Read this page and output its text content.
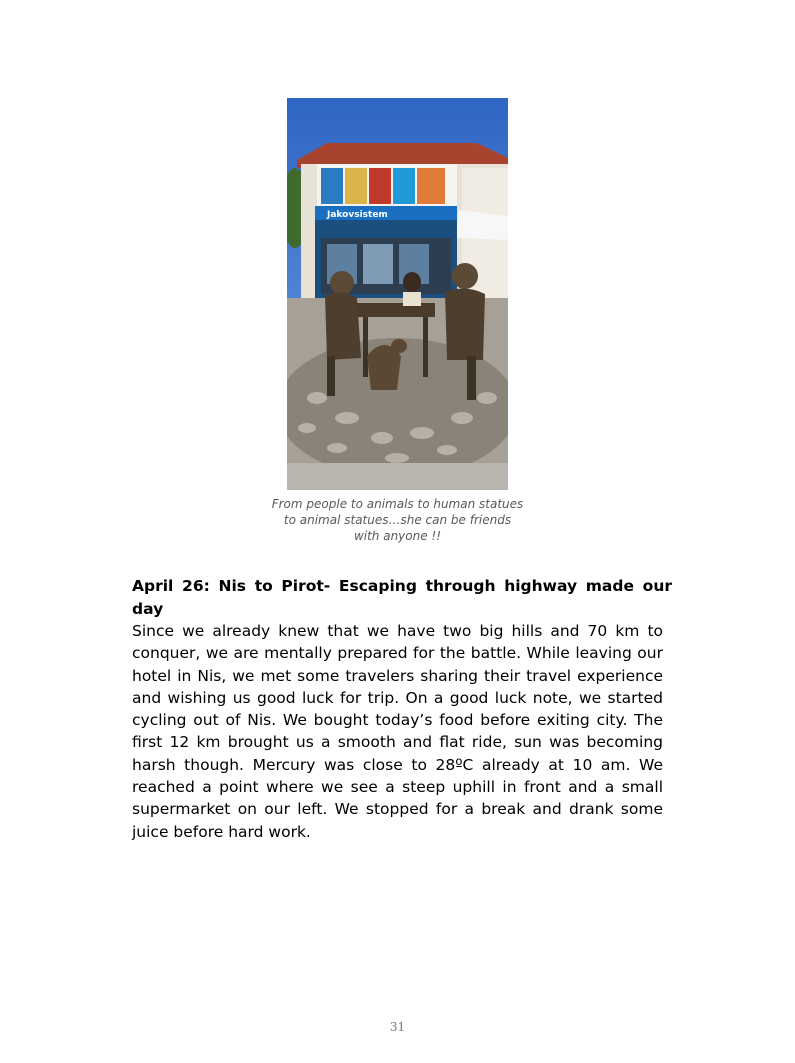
Jakovsistem
From people to animals to human statues to animal statues…she can be friends with anyone !!
April 26: Nis to Pirot- Escaping through highway made our day
Since we already knew that we have two big hills and 70 km to conquer, we are mentally prepared for the battle. While leaving our hotel in Nis, we met some travelers sharing their travel experience and wishing us good luck for trip. On a good luck note, we started cycling out of Nis. We bought today’s food before exiting city. The first 12 km brought us a smooth and flat ride, sun was becoming harsh though. Mercury was close to 28ºC already at 10 am. We reached a point where we see a steep uphill in front and a small supermarket on our left. We stopped for a break and drank some juice before hard work.
31
